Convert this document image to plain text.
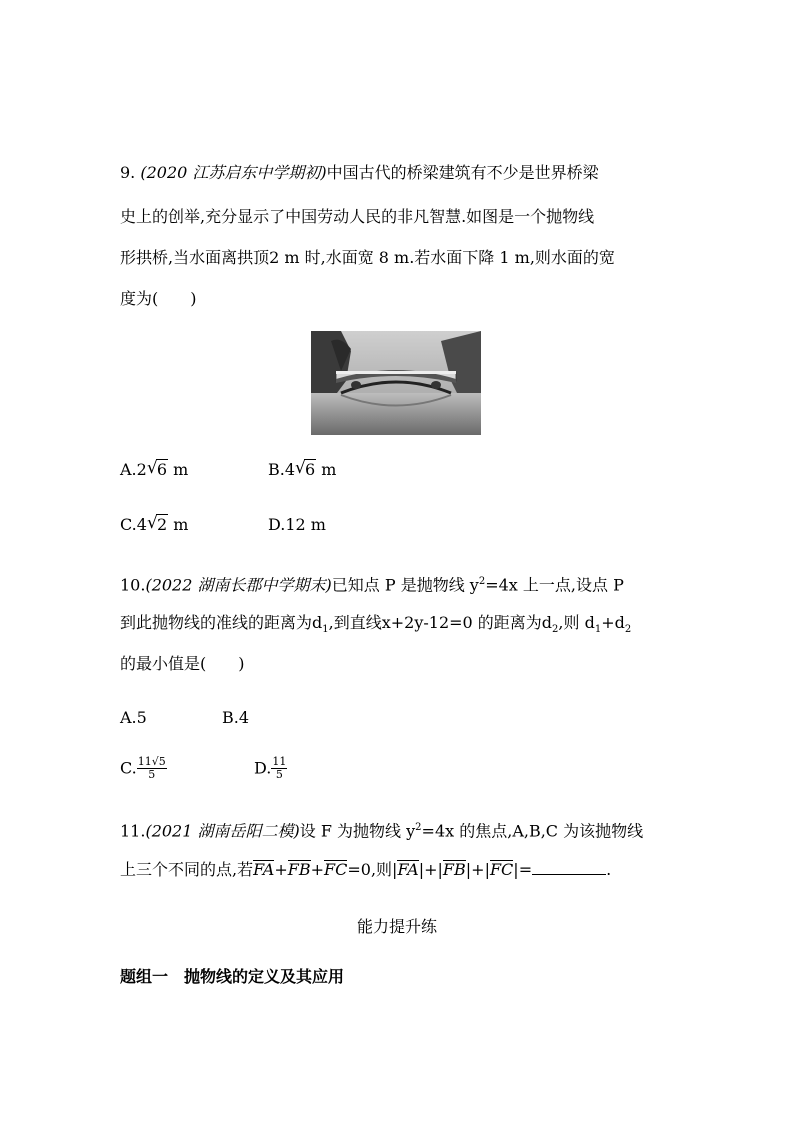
9. (2020 江苏启东中学期初)中国古代的桥梁建筑有不少是世界桥梁
史上的创举,充分显示了中国劳动人民的非凡智慧.如图是一个抛物线
形拱桥,当水面离拱顶2 m 时,水面宽 8 m.若水面下降 1 m,则水面的宽
度为(　　)
A.2 √ 6 m	B.4 √ 6 m
C.4 √ 2 m	D.12 m
10.(2022 湖南长郡中学期末)已知点 P 是抛物线 $y^2=4x$ 上一点,设点 P
到此抛物线的准线的距离为$d_1$,到直线x+2y-12=0 的距离为$d_2$,则 $d_1+d_2$
的最小值是(　　)
A.5	B.4
C. $\frac{11√5}{5}$	D. $\frac{11}{5}$
11.(2021 湖南岳阳二模)设 F 为抛物线 $y^2=4x$ 的焦点,A,B,C 为该抛物线
上三个不同的点,若FA+FB+FC=0,则|FA|+|FB|+|FC|=	.
能力提升练
题组一　抛物线的定义及其应用
